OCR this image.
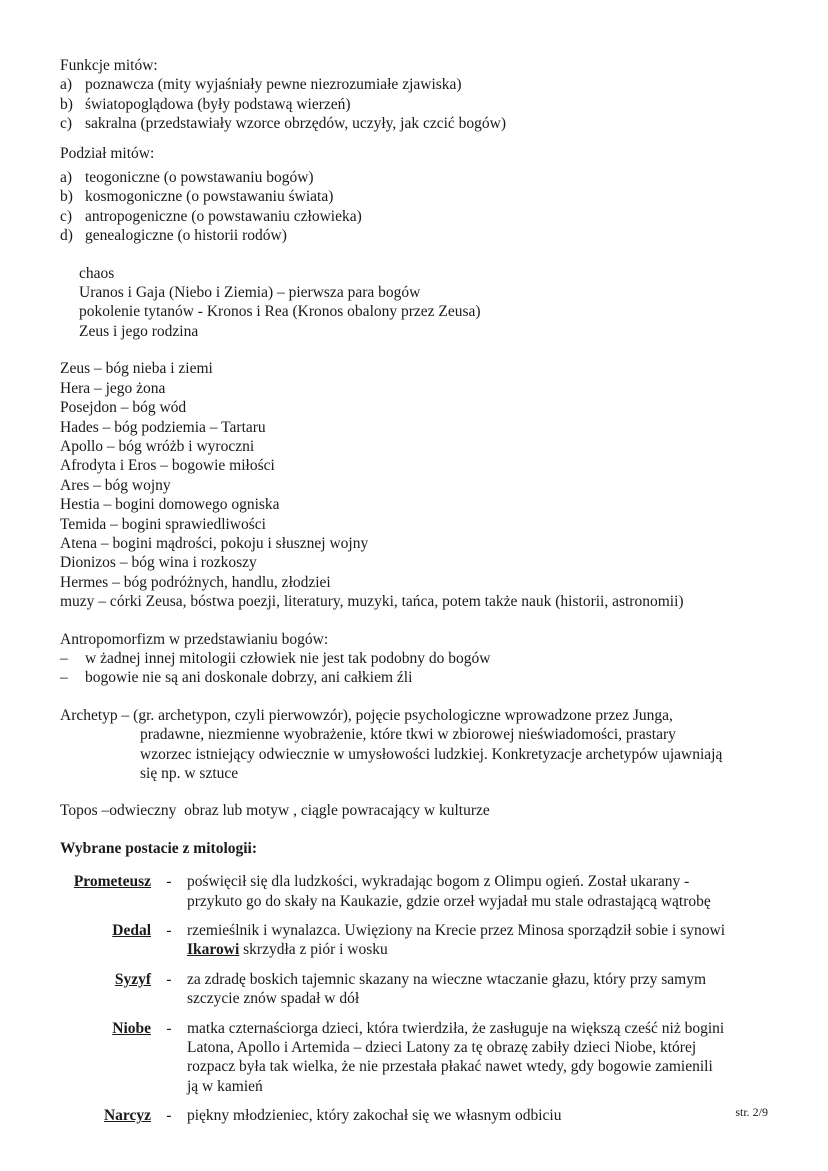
Funkcje mitów:

a) poznawcza (mity wyjaśniały pewne niezrozumiałe zjawiska)
b) światopoglądowa (były podstawą wierzeń)
c) sakralna (przedstawiały wzorce obrzędów, uczyły, jak czcić bogów)

Podział mitów:

a) teogoniczne (o powstawaniu bogów)
b) kosmogoniczne (o powstawaniu świata)
c) antropogeniczne (o powstawaniu człowieka)
d) genealogiczne (o historii rodów)
chaos
Uranos i Gaja (Niebo i Ziemia) – pierwsza para bogów
pokolenie tytanów - Kronos i Rea (Kronos obalony przez Zeusa)
Zeus i jego rodzina
Zeus – bóg nieba i ziemi
Hera – jego żona
Posejdon – bóg wód
Hades – bóg podziemia – Tartaru
Apollo – bóg wróżb i wyroczni
Afrodyta i Eros – bogowie miłości
Ares – bóg wojny
Hestia – bogini domowego ogniska
Temida – bogini sprawiedliwości
Atena – bogini mądrości, pokoju i słusznej wojny
Dionizos – bóg wina i rozkoszy
Hermes – bóg podróżnych, handlu, złodziei
muzy – córki Zeusa, bóstwa poezji, literatury, muzyki, tańca, potem także nauk (historii, astronomii)

Antropomorfizm w przedstawianiu bogów:

–	w żadnej innej mitologii człowiek nie jest tak podobny do bogów
–	bogowie nie są ani doskonale dobrzy, ani całkiem źli
Archetyp – (gr. archetypon, czyli pierwowzór), pojęcie psychologiczne wprowadzone przez Junga,
pradawne, niezmienne wyobrażenie, które tkwi w zbiorowej nieświadomości, prastary
wzorzec istniejący odwiecznie w umysłowości ludzkiej. Konkretyzacje archetypów ujawniają
się np. w sztuce
Topos –odwieczny  obraz lub motyw , ciągle powracający w kulturze
Wybrane postacie z mitologii:
Prometeusz - poświęcił się dla ludzkości, wykradając bogom z Olimpu ogień. Został ukarany -
przykuto go do skały na Kaukazie, gdzie orzeł wyjadał mu stale odrastającą wątrobę
Dedal - rzemieślnik i wynalazca. Uwięziony na Krecie przez Minosa sporządził sobie i synowi
Ikarowi skrzydła z piór i wosku
Syzyf - za zdradę boskich tajemnic skazany na wieczne wtaczanie głazu, który przy samym
szczycie znów spadał w dół
Niobe - matka czternaściorga dzieci, która twierdziła, że zasługuje na większą cześć niż bogini
Latona, Apollo i Artemida – dzieci Latony za tę obrazę zabiły dzieci Niobe, której
rozpacz była tak wielka, że nie przestała płakać nawet wtedy, gdy bogowie zamienili
ją w kamień
Narcyz - piękny młodzieniec, który zakochał się we własnym odbiciu	str. 2/9
